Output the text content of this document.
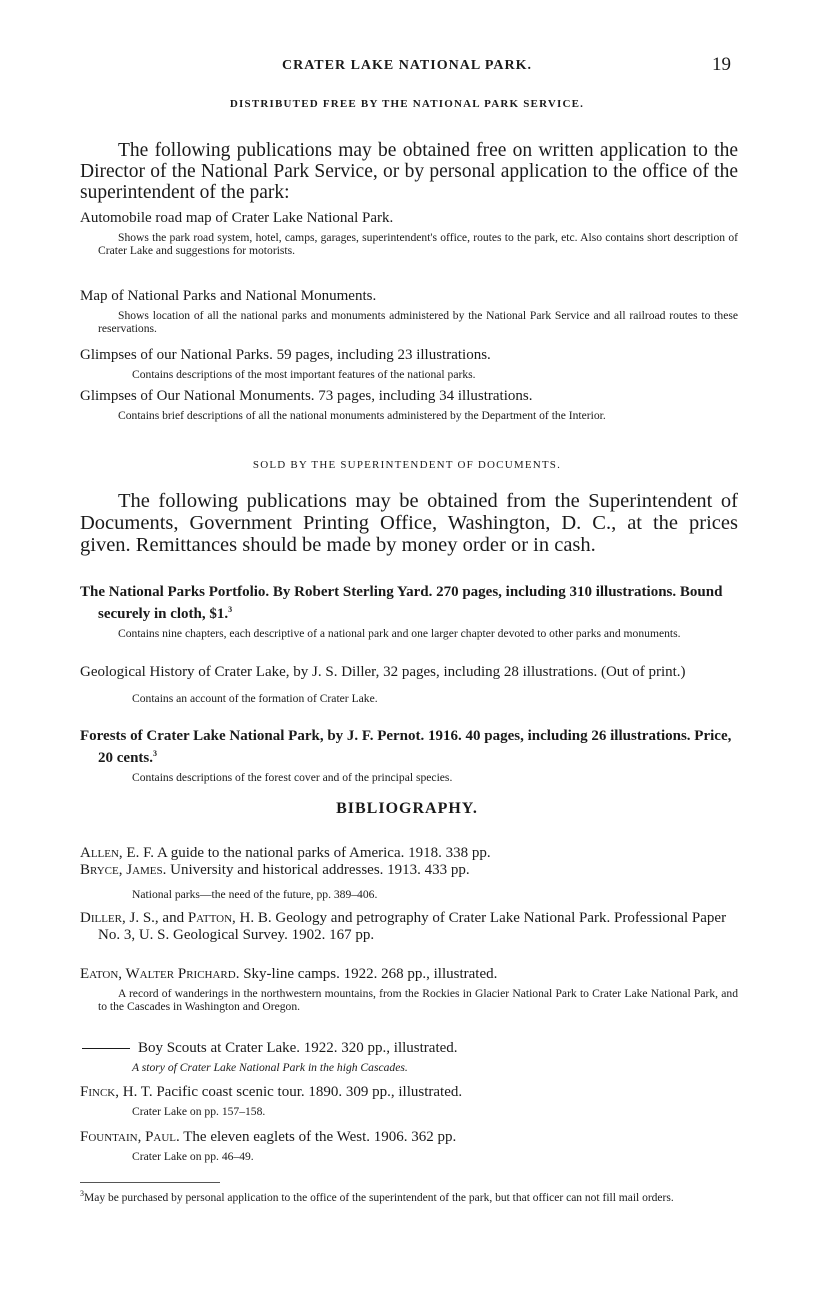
CRATER LAKE NATIONAL PARK.	19
DISTRIBUTED FREE BY THE NATIONAL PARK SERVICE.
The following publications may be obtained free on written application to the Director of the National Park Service, or by personal application to the office of the superintendent of the park:
Automobile road map of Crater Lake National Park.
Shows the park road system, hotel, camps, garages, superintendent's office, routes to the park, etc. Also contains short description of Crater Lake and suggestions for motorists.
Map of National Parks and National Monuments.
Shows location of all the national parks and monuments administered by the National Park Service and all railroad routes to these reservations.
Glimpses of our National Parks. 59 pages, including 23 illustrations.
Contains descriptions of the most important features of the national parks.
Glimpses of Our National Monuments. 73 pages, including 34 illustrations.
Contains brief descriptions of all the national monuments administered by the Department of the Interior.
SOLD BY THE SUPERINTENDENT OF DOCUMENTS.
The following publications may be obtained from the Superintendent of Documents, Government Printing Office, Washington, D. C., at the prices given. Remittances should be made by money order or in cash.
The National Parks Portfolio. By Robert Sterling Yard. 270 pages, including 310 illustrations. Bound securely in cloth, $1.$^3$
Contains nine chapters, each descriptive of a national park and one larger chapter devoted to other parks and monuments.
Geological History of Crater Lake, by J. S. Diller, 32 pages, including 28 illustrations. (Out of print.)
Contains an account of the formation of Crater Lake.
Forests of Crater Lake National Park, by J. F. Pernot. 1916. 40 pages, including 26 illustrations. Price, 20 cents.$^3$
Contains descriptions of the forest cover and of the principal species.
BIBLIOGRAPHY.
Allen, E. F. A guide to the national parks of America. 1918. 338 pp.
Bryce, James. University and historical addresses. 1913. 433 pp.
National parks—the need of the future, pp. 389–406.
Diller, J. S., and Patton, H. B. Geology and petrography of Crater Lake National Park. Professional Paper No. 3, U. S. Geological Survey. 1902. 167 pp.
Eaton, Walter Prichard. Sky-line camps. 1922. 268 pp., illustrated.
A record of wanderings in the northwestern mountains, from the Rockies in Glacier National Park to Crater Lake National Park, and to the Cascades in Washington and Oregon.
Boy Scouts at Crater Lake. 1922. 320 pp., illustrated.
A story of Crater Lake National Park in the high Cascades.
Finck, H. T. Pacific coast scenic tour. 1890. 309 pp., illustrated.
Crater Lake on pp. 157–158.
Fountain, Paul. The eleven eaglets of the West. 1906. 362 pp.
Crater Lake on pp. 46–49.
$^3$May be purchased by personal application to the office of the superintendent of the park, but that officer can not fill mail orders.
